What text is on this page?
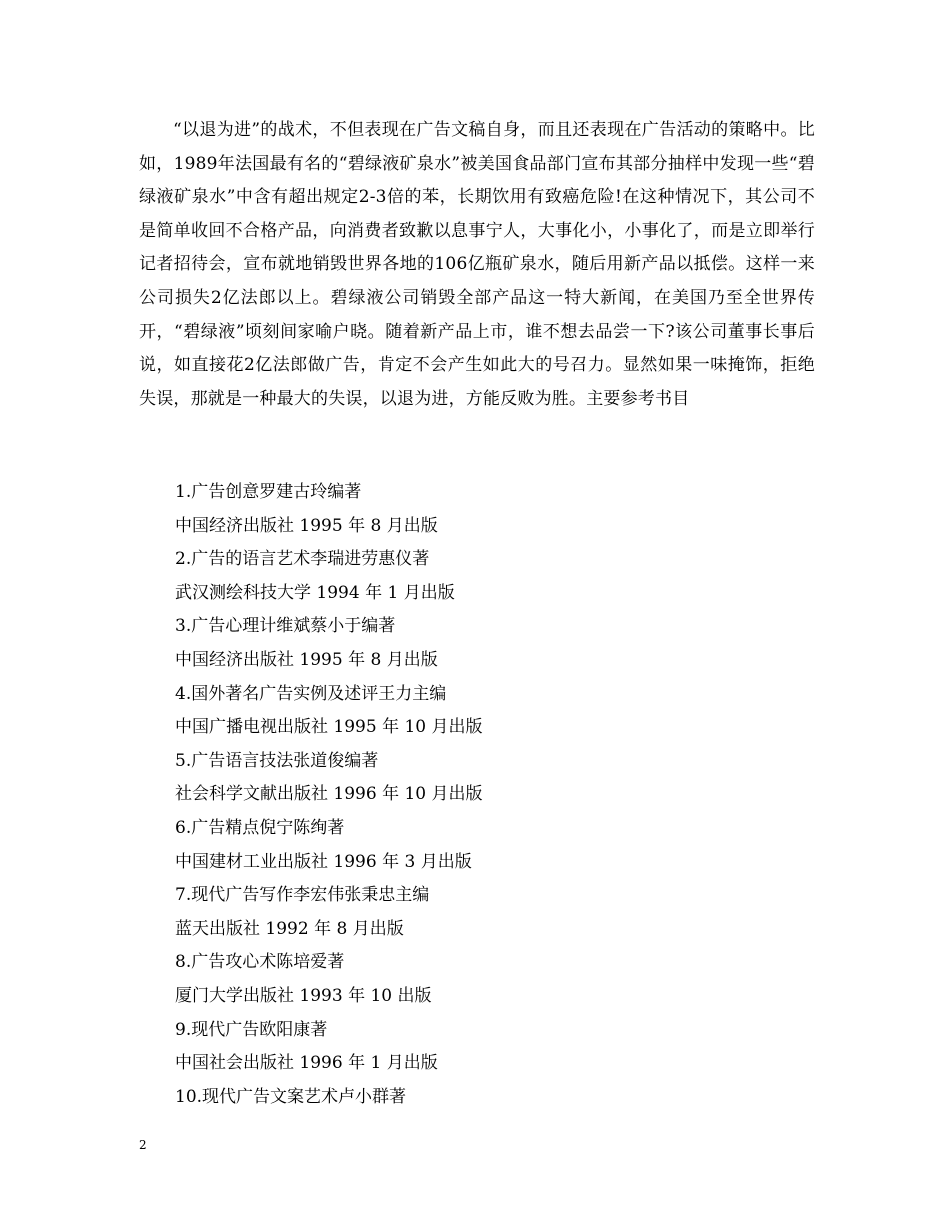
“以退为进”的战术，不但表现在广告文稿自身，而且还表现在广告活动的策略中。比如，1989年法国最有名的“碧绿液矿泉水”被美国食品部门宣布其部分抽样中发现一些“碧绿液矿泉水”中含有超出规定2-3倍的苯，长期饮用有致癌危险!在这种情况下，其公司不是简单收回不合格产品，向消费者致歉以息事宁人，大事化小，小事化了，而是立即举行记者招待会，宣布就地销毁世界各地的106亿瓶矿泉水，随后用新产品以抵偿。这样一来公司损失2亿法郎以上。碧绿液公司销毁全部产品这一特大新闻，在美国乃至全世界传开，“碧绿液”顷刻间家喻户晓。随着新产品上市，谁不想去品尝一下?该公司董事长事后说，如直接花2亿法郎做广告，肯定不会产生如此大的号召力。显然如果一味掩饰，拒绝失误，那就是一种最大的失误，以退为进，方能反败为胜。主要参考书目

1.广告创意罗建古玲编著
中国经济出版社 1995 年 8 月出版
2.广告的语言艺术李瑞进劳惠仪著
武汉测绘科技大学 1994 年 1 月出版
3.广告心理计维斌蔡小于编著
中国经济出版社 1995 年 8 月出版
4.国外著名广告实例及述评王力主编
中国广播电视出版社 1995 年 10 月出版
5.广告语言技法张道俊编著
社会科学文献出版社 1996 年 10 月出版
6.广告精点倪宁陈绚著
中国建材工业出版社 1996 年 3 月出版
7.现代广告写作李宏伟张秉忠主编
蓝天出版社 1992 年 8 月出版
8.广告攻心术陈培爱著
厦门大学出版社 1993 年 10 出版
9.现代广告欧阳康著
中国社会出版社 1996 年 1 月出版
10.现代广告文案艺术卢小群著
2
